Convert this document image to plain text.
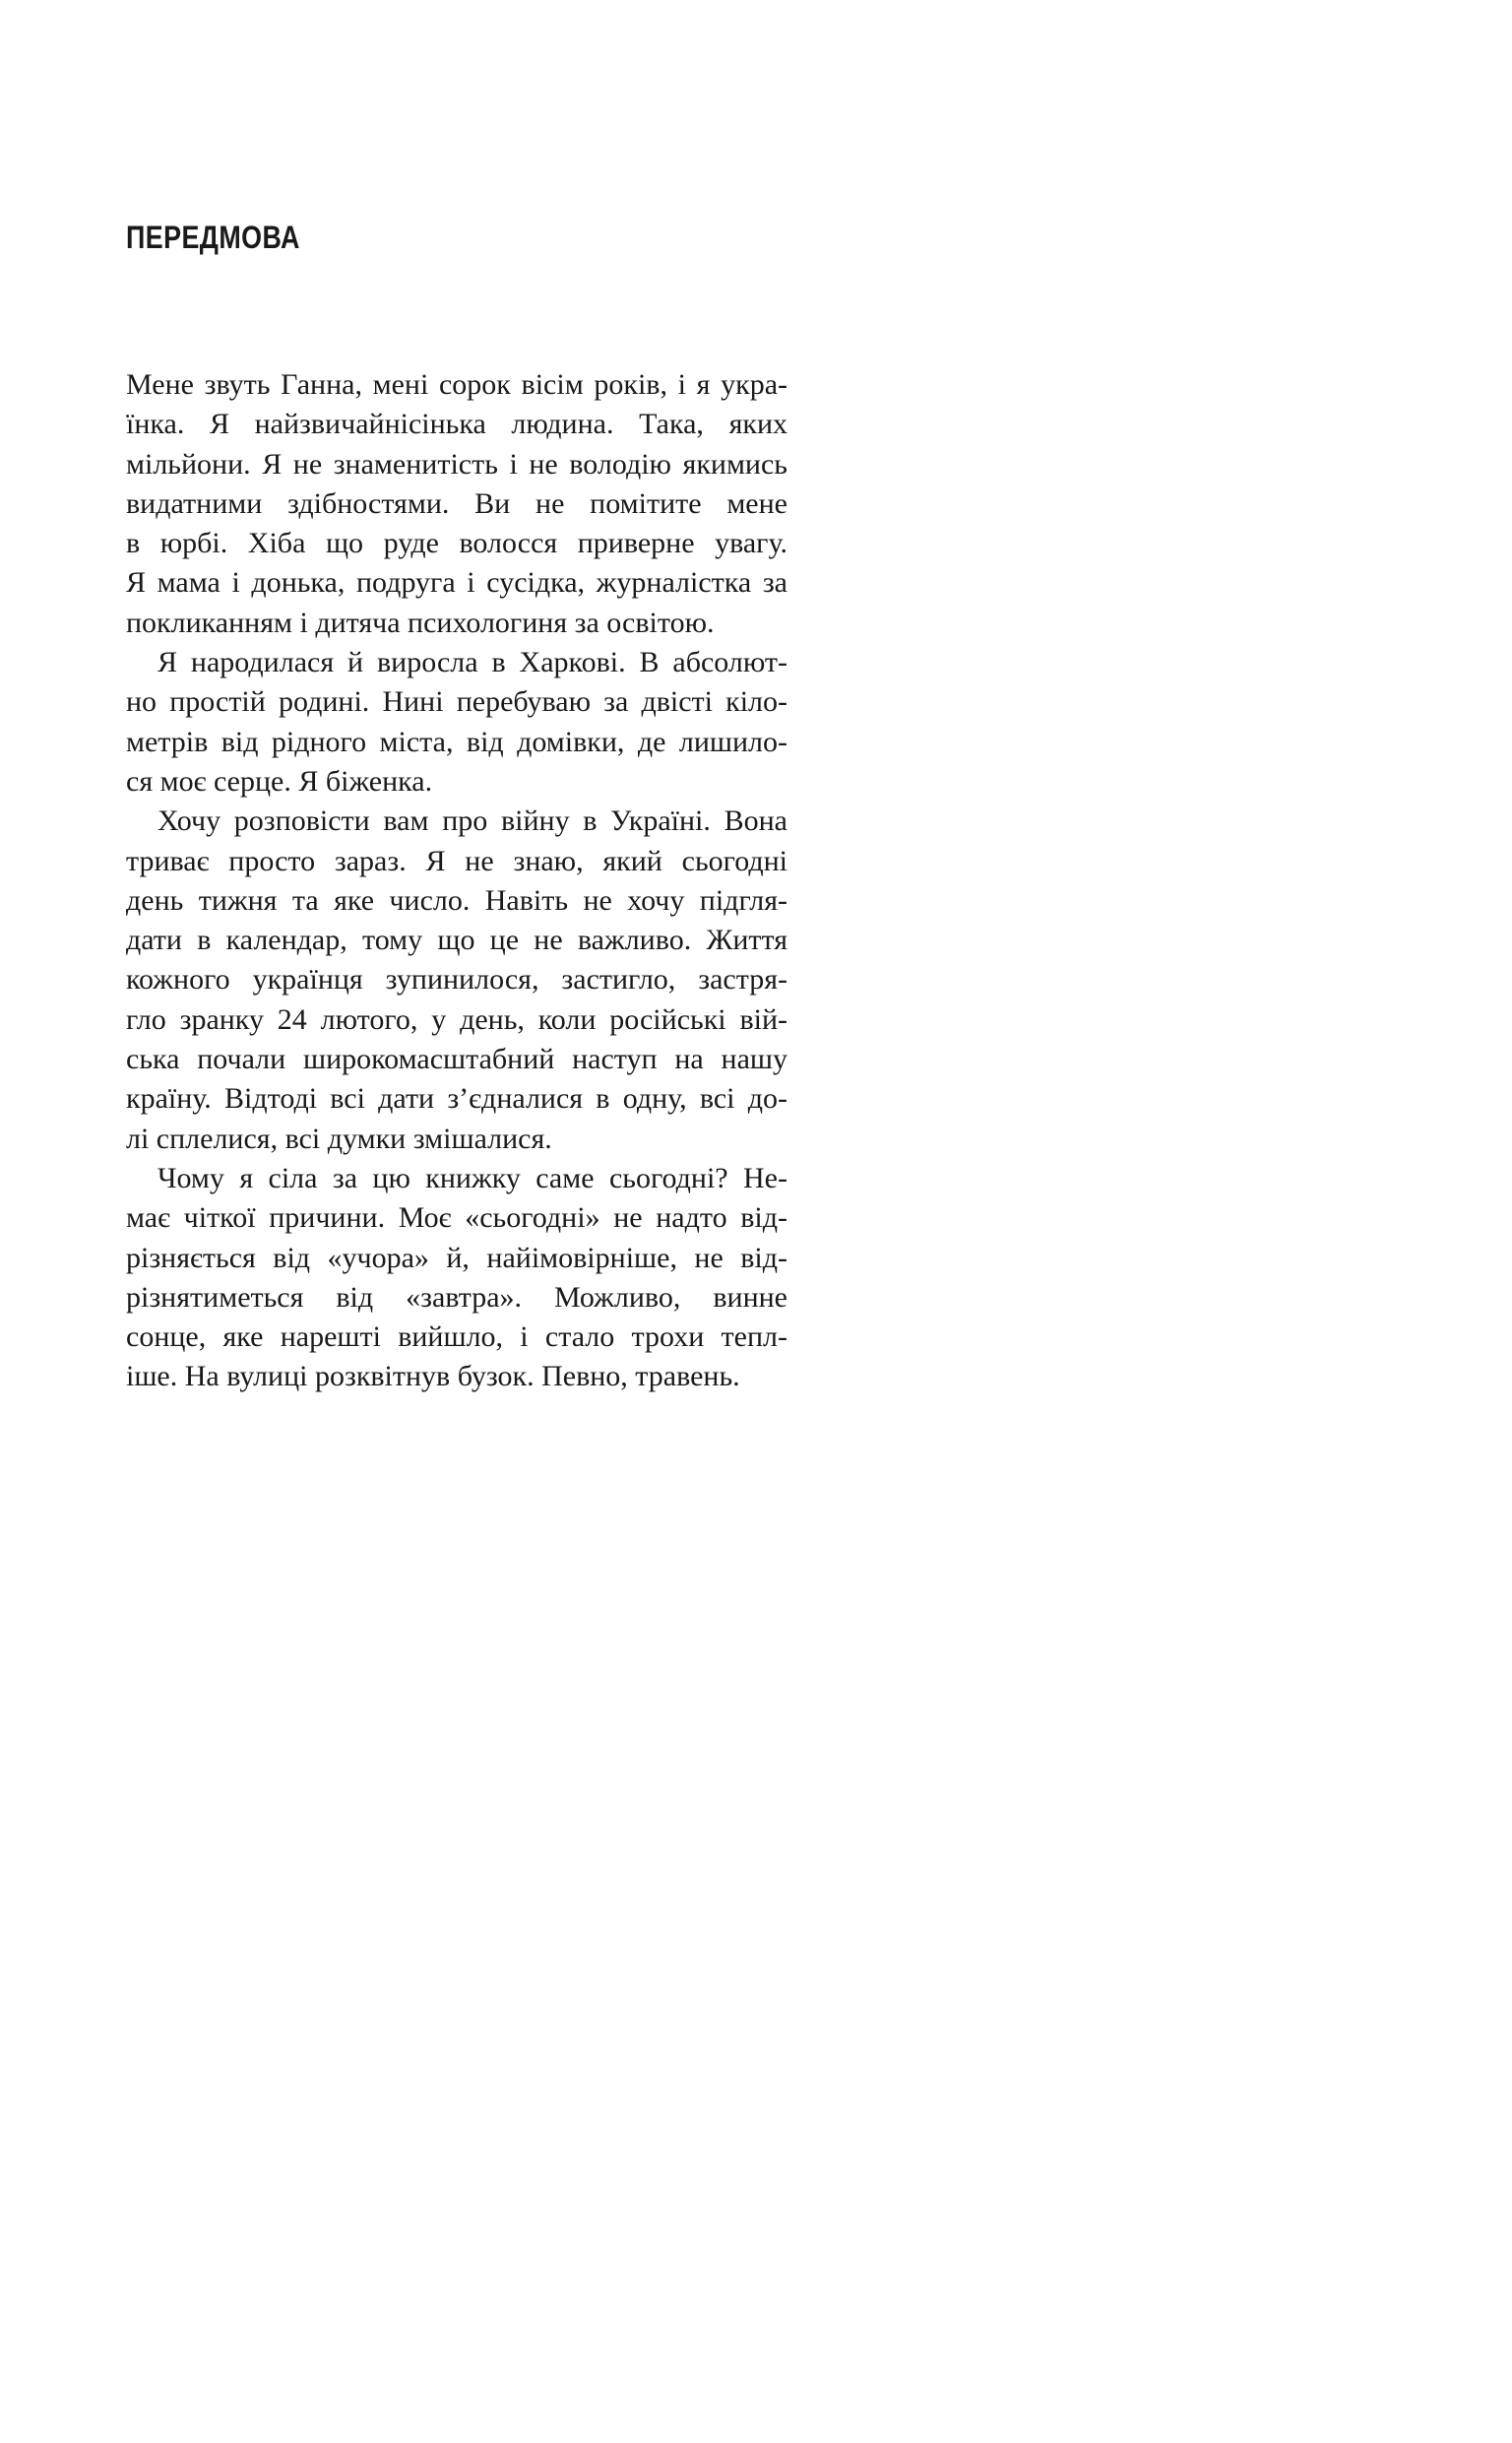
ПЕРЕДМОВА
Мене звуть Ганна, мені сорок вісім років, і я укра-
їнка. Я найзвичайнісінька людина. Така, яких
мільйони. Я не знаменитість і не володію якимись
видатними здібностями. Ви не помітите мене
в юрбі. Хіба що руде волосся приверне увагу.
Я мама і донька, подруга і сусідка, журналістка за
покликанням і дитяча психологиня за освітою.
Я народилася й виросла в Харкові. В абсолют-
но простій родині. Нині перебуваю за двісті кіло-
метрів від рідного міста, від домівки, де лишило-
ся моє серце. Я біженка.
Хочу розповісти вам про війну в Україні. Вона
триває просто зараз. Я не знаю, який сьогодні
день тижня та яке число. Навіть не хочу підгля-
дати в календар, тому що це не важливо. Життя
кожного українця зупинилося, застигло, застря-
гло зранку 24 лютого, у день, коли російські вій-
ська почали широкомасштабний наступ на нашу
країну. Відтоді всі дати з’єдналися в одну, всі до-
лі сплелися, всі думки змішалися.
Чому я сіла за цю книжку саме сьогодні? Не-
має чіткої причини. Моє «сьогодні» не надто від-
різняється від «учора» й, найімовірніше, не від-
різнятиметься від «завтра». Можливо, винне
сонце, яке нарешті вийшло, і стало трохи тепл-
іше. На вулиці розквітнув бузок. Певно, травень.
